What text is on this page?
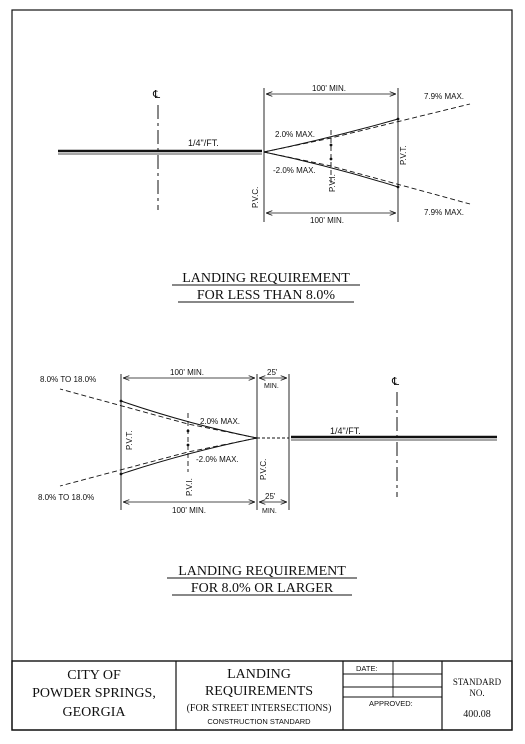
℄
1/4"/FT.
P.V.C.
P.V.I.
P.V.T.
2.0% MAX.
-2.0% MAX.
7.9% MAX.
7.9% MAX.
100' MIN.
100' MIN.
LANDING REQUIREMENT
FOR LESS THAN 8.0%
P.V.T.
P.V.I.
P.V.C.
1/4"/FT.
℄
2.0% MAX.
-2.0% MAX.
8.0% TO 18.0%
8.0% TO 18.0%
100' MIN.	25'
MIN.
100' MIN.
25'
MIN.
LANDING REQUIREMENT
FOR 8.0% OR LARGER
CITY OF
POWDER SPRINGS,
GEORGIA
LANDING
REQUIREMENTS
(FOR STREET INTERSECTIONS)
CONSTRUCTION STANDARD
DATE:
APPROVED:
STANDARD
NO.
400.08
